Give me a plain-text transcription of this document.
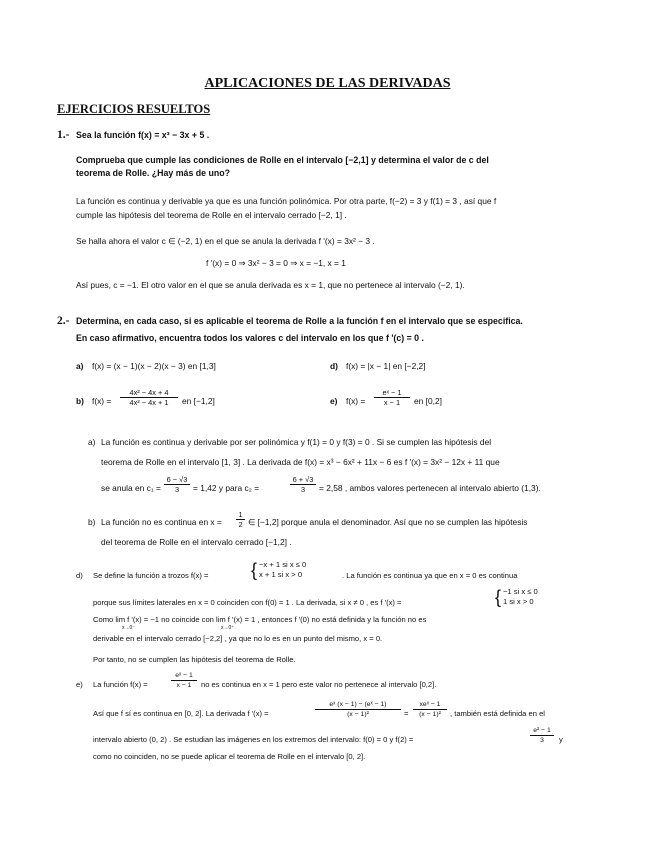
APLICACIONES DE LAS DERIVADAS
EJERCICIOS RESUELTOS
1.- Sea la función f(x) = x³ − 3x + 5 .
Comprueba que cumple las condiciones de Rolle en el intervalo [−2,1] y determina el valor de c del
teorema de Rolle. ¿Hay más de uno?
La función es continua y derivable ya que es una función polinómica. Por otra parte, f(−2) = 3 y f(1) = 3 , así que f
cumple las hipótesis del teorema de Rolle en el intervalo cerrado [−2, 1] .
Se halla ahora el valor c ∈ (−2, 1) en el que se anula la derivada f '(x) = 3x² − 3 .
f '(x) = 0 ⇒ 3x² − 3 = 0 ⇒ x = −1, x = 1
Así pues, c = −1. El otro valor en el que se anula derivada es x = 1, que no pertenece al intervalo (−2, 1).
2.- Determina, en cada caso, si es aplicable el teorema de Rolle a la función f en el intervalo que se especifica.
En caso afirmativo, encuentra todos los valores c del intervalo en los que f '(c) = 0 .
a) f(x) = (x − 1)(x − 2)(x − 3) en [1,3]	d) f(x) = |x − 1| en [−2,2]
b) $f(x) = \frac{\text{4x² − 4x + 4}}{\text{4x² − 4x + 1}}$ en [−1,2]	e) $f(x) = \frac{\text{eˣ − 1}}{x - 1}$ en [0,2]
a) La función es continua y derivable por ser polinómica y f(1) = 0 y f(3) = 0 . Si se cumplen las hipótesis del
teorema de Rolle en el intervalo [1, 3] . La derivada de f(x) = x³ − 6x² + 11x − 6 es f '(x) = 3x² − 12x + 11 que
se anula en $c_1 = \frac{6 - √3}{3} = 1,42$ y para c₂ =	$\frac{6 + √3}{3} = 2,58$ , ambos valores pertenecen al intervalo abierto (1,3).
b) La función no es continua en $x = \frac{1}{2}$ ∈ [−1,2] porque anula el denominador. Así que no se cumplen las hipótesis
del teorema de Rolle en el intervalo cerrado [−1,2] .
d) Se define la función a trozos f(x) = { −x + 1 si x ≤ 0
x + 1 si x > 0	. La función es continua ya que en x = 0 es continua
porque sus límites laterales en x = 0 coinciden con f(0) = 1 . La derivada, si x ≠ 0 , es f '(x) =	{ −1 si x ≤ 0
1 si x > 0
Como lim f '(x) = −1 no coincide con lim f '(x) = 1 , entonces f '(0) no está definida y la función no es
x→0⁻	x→0⁺
derivable en el intervalo cerrado [−2,2] , ya que no lo es en un punto del mismo, x = 0.
Por tanto, no se cumplen las hipótesis del teorema de Rolle.
e) La función f(x) =	$\frac{\text{eˣ − 1}}{x - 1}$ no es continua en x = 1 pero este valor no pertenece al intervalo [0,2].
Así que f sí es continua en [0, 2]. La derivada f '(x) =	$\frac{\text{eˣ (x − 1) − (eˣ − 1)}}{\text{(x − 1)²}}$ =
xeˣ − 1
(x − 1)²	, también está definida en el
intervalo abierto (0, 2) . Se estudian las imágenes en los extremos del intervalo: f(0) = 0 y f(2) =	$\frac{\text{e² − 1}}{3}$ y
como no coinciden, no se puede aplicar el teorema de Rolle en el intervalo [0, 2].
